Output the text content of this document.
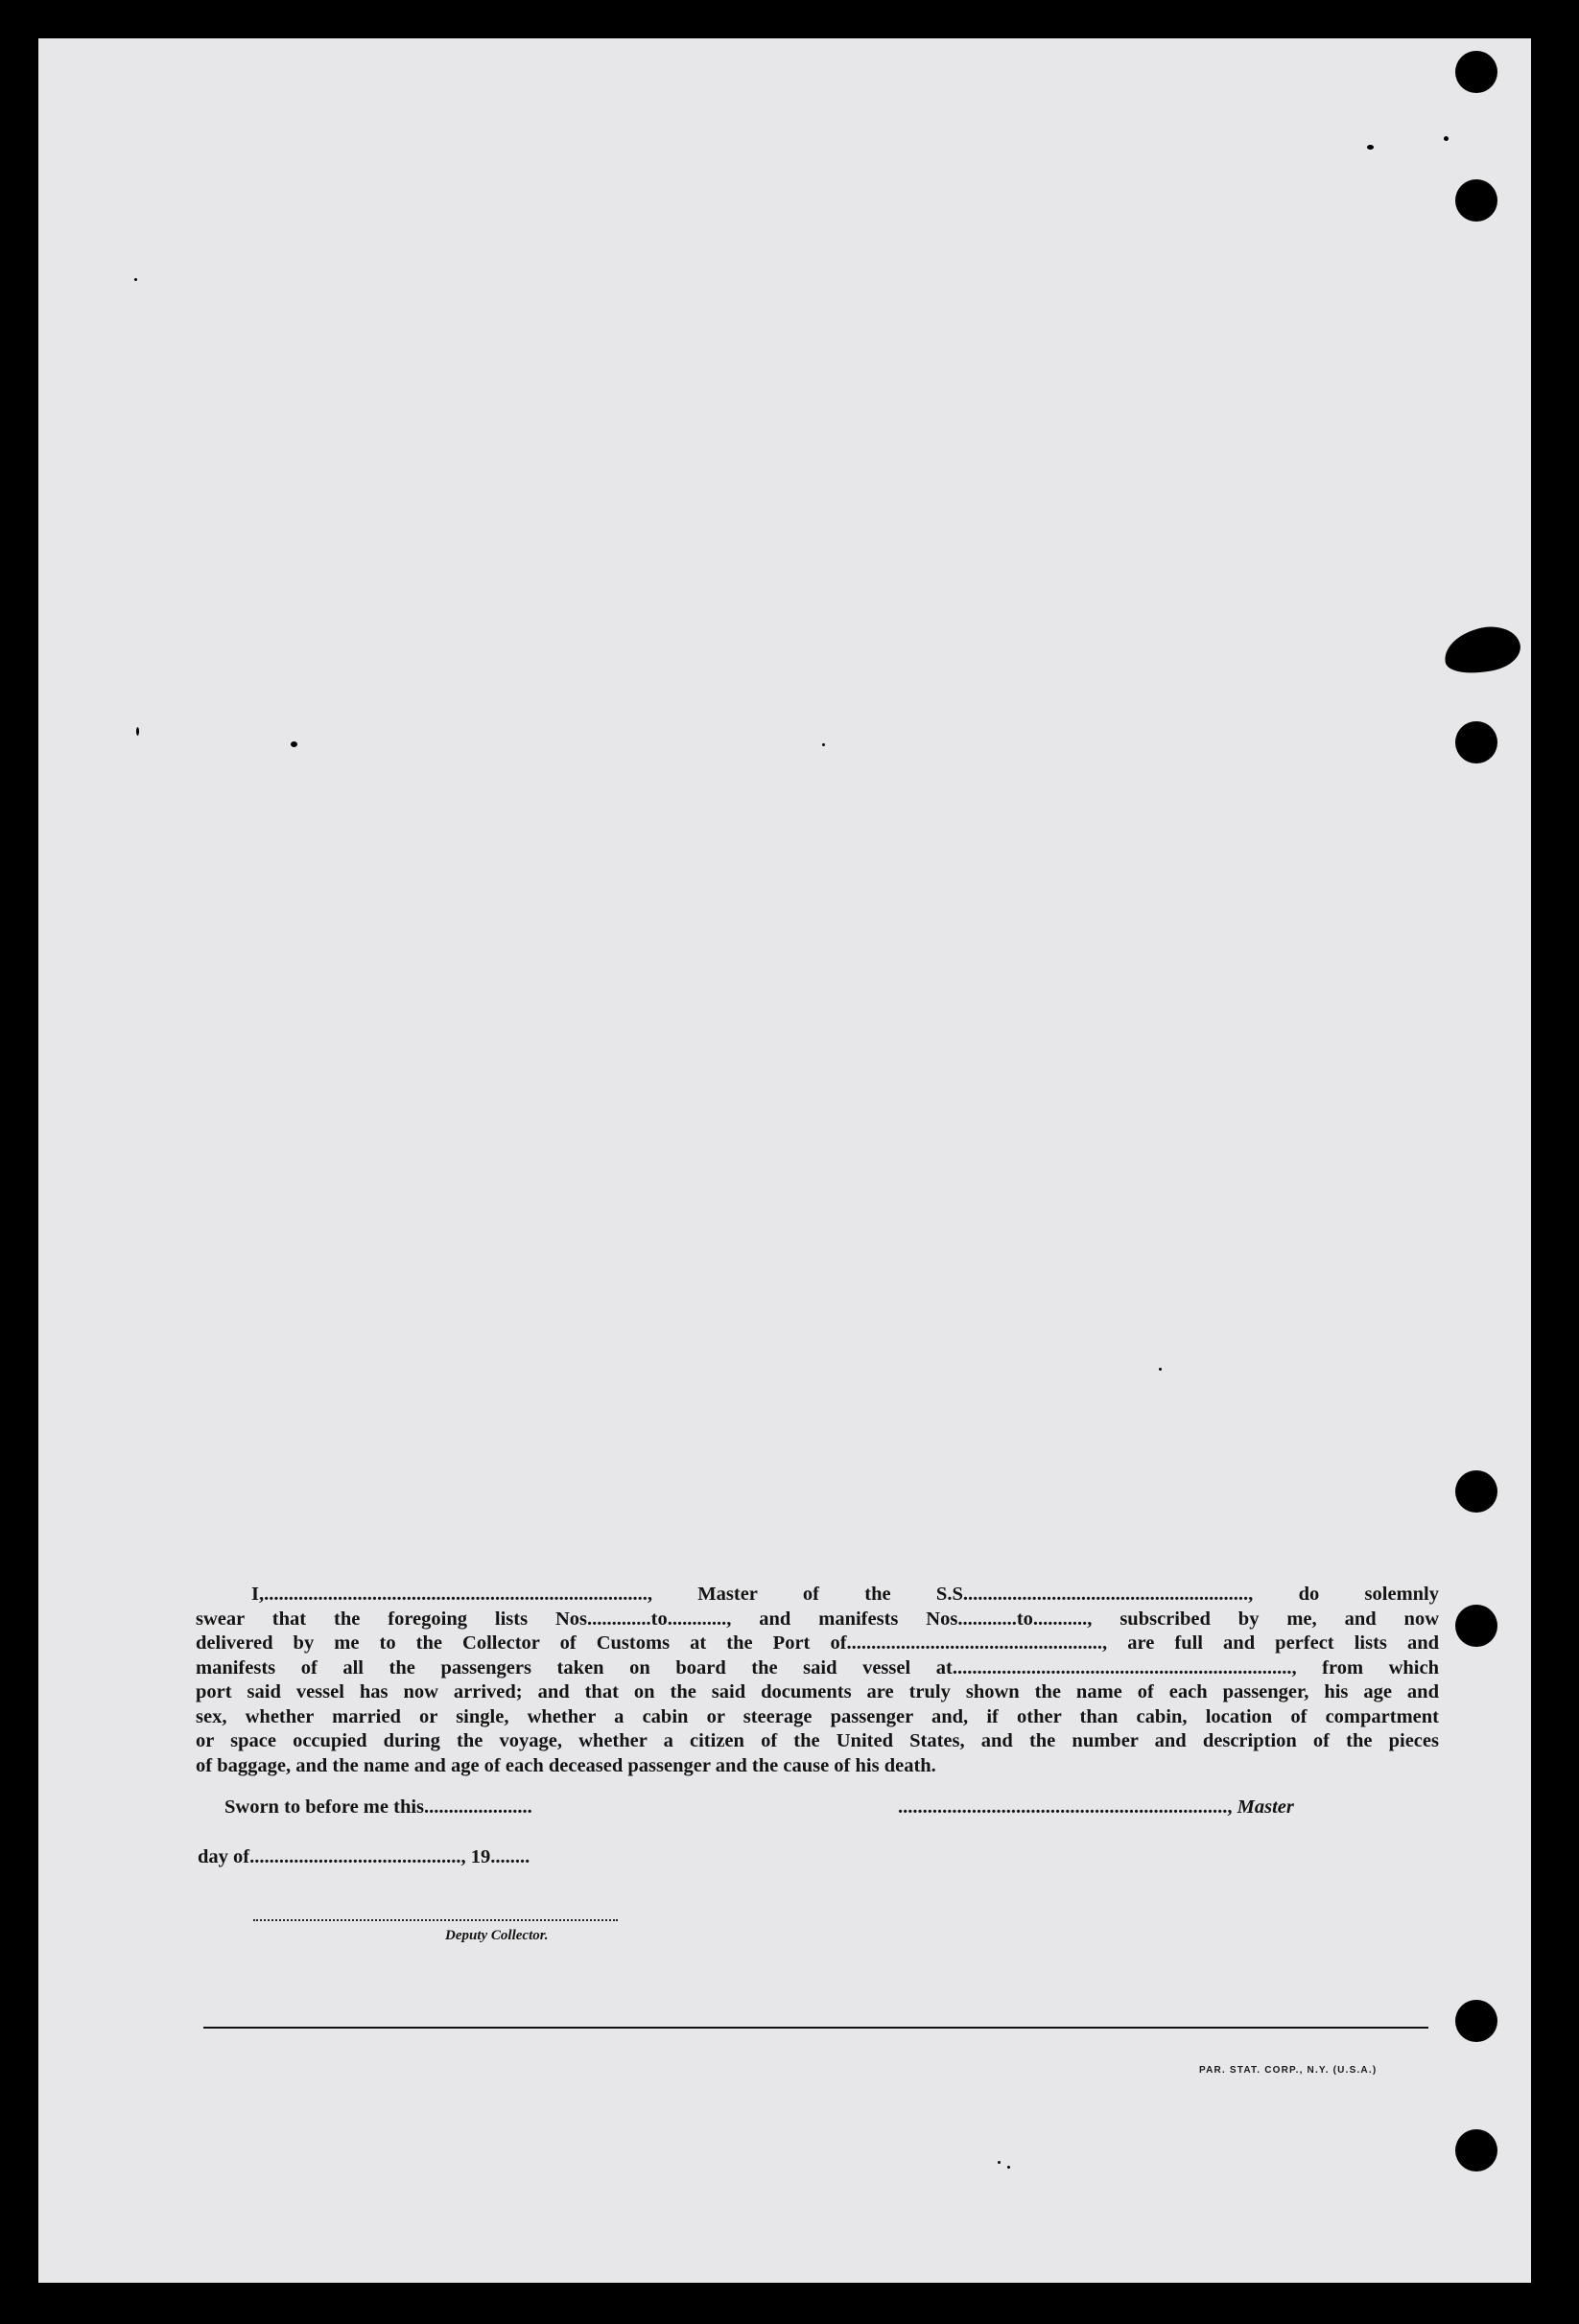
I,.............................................................................., Master of the S.S.........................................................., do solemnly
swear that the foregoing lists Nos.............to............, and manifests Nos............to..........., subscribed by me, and now
delivered by me to the Collector of Customs at the Port of...................................................., are full and perfect lists and
manifests of all the passengers taken on board the said vessel at....................................................................., from which
port said vessel has now arrived; and that on the said documents are truly shown the name of each passenger, his age and
sex, whether married or single, whether a cabin or steerage passenger and, if other than cabin, location of compartment
or space occupied during the voyage, whether a citizen of the United States, and the number and description of the pieces
of baggage, and the name and age of each deceased passenger and the cause of his death.
Sworn to before me this......................	..................................................................., Master
day of..........................................., 19........
Deputy Collector.
PAR. STAT. CORP., N.Y. (U.S.A.)
